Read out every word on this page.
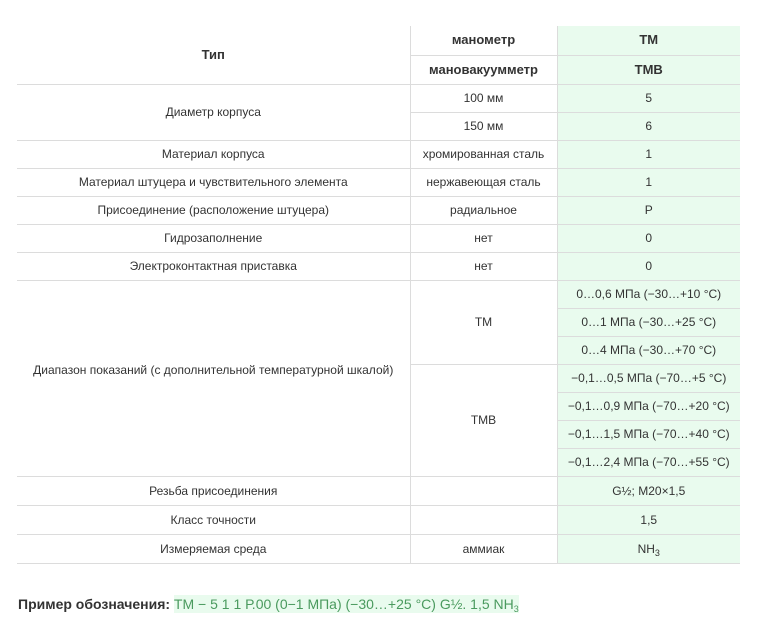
Тип	манометр	ТМ
	мановакуумметр	ТМВ
Диаметр корпуса	100 мм	5
	150 мм	6
Материал корпуса	хромированная сталь	1
Материал штуцера и чувствительного элемента	нержавеющая сталь	1
Присоединение (расположение штуцера)	радиальное	Р
Гидрозаполнение	нет	0
Электроконтактная приставка	нет	0
Диапазон показаний (с дополнительной температурной шкалой)	ТМ	0…0,6 МПа (−30…+10 °C)
		0…1 МПа (−30…+25 °C)
		0…4 МПа (−30…+70 °C)
	ТМВ	−0,1…0,5 МПа (−70…+5 °C)
		−0,1…0,9 МПа (−70…+20 °C)
		−0,1…1,5 МПа (−70…+40 °C)
		−0,1…2,4 МПа (−70…+55 °C)
Резьба присоединения		G½; М20×1,5
Класс точности		1,5
Измеряемая среда	аммиак	$NH_3$
Пример обозначения: ТМ − 5 1 1 Р.00 (0−1 МПа) (−30…+25 °C) G½. 1,5 $NH_3$
